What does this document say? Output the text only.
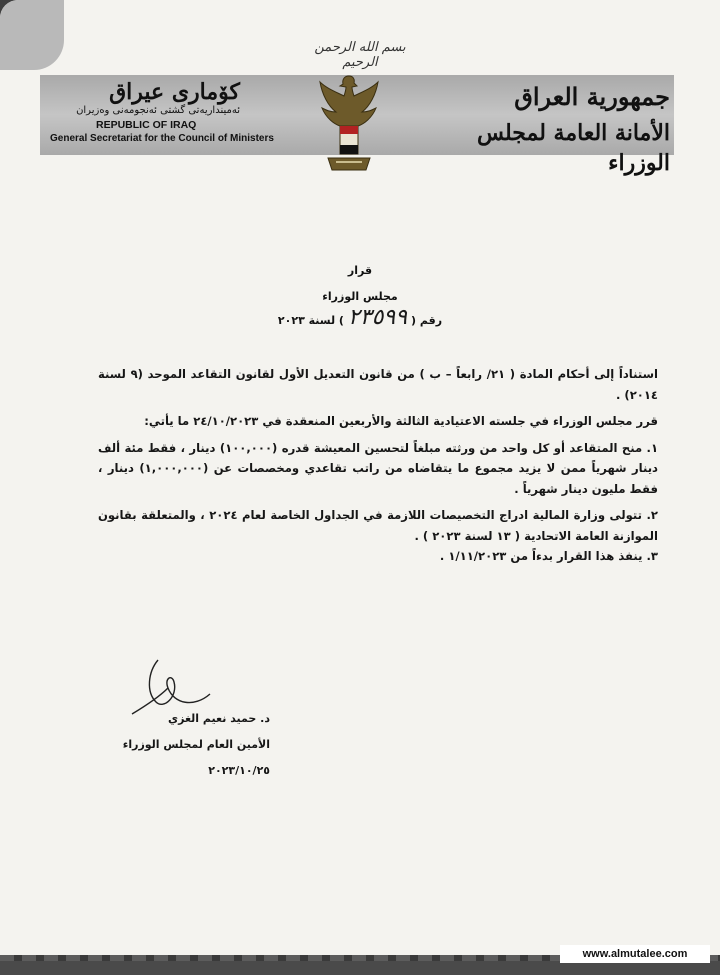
بسم الله الرحمن الرحيم
كۆماری عیراق
ئه‌مینداریه‌تی گشتی ئه‌نجومه‌نی وه‌زیران
REPUBLIC OF IRAQ
General Secretariat for the Council of Ministers
جمهورية العراق
الأمانة العامة لمجلس الوزراء
قرار
مجلس الوزراء
رقم (٢٣٥٩٩) لسنة ٢٠٢٣

استناداً إلى أحكام المادة ( ٢١/ رابعاً – ب ) من قانون التعديل الأول لقانون التقاعد الموحد (٩ لسنة ٢٠١٤) .

قرر مجلس الوزراء في جلسته الاعتيادية الثالثة والأربعين المنعقدة في ٢٤/١٠/٢٠٢٣ ما يأتي:

١. منح المتقاعد أو كل واحد من ورثته مبلغاً لتحسين المعيشة قدره (١٠٠,٠٠٠) دينار ، فقط مئة ألف دينار شهرياً ممن لا يزيد مجموع ما يتقاضاه من راتب تقاعدي ومخصصات عن (١,٠٠٠,٠٠٠) دينار ، فقط مليون دينار شهرياً .

٢. تتولى وزارة المالية ادراج التخصيصات اللازمة في الجداول الخاصة لعام ٢٠٢٤ ، والمتعلقة بقانون الموازنة العامة الاتحادية ( ١٣ لسنة ٢٠٢٣ ) .

٣. ينفذ هذا القرار بدءاً من ١/١١/٢٠٢٣ .

د. حميد نعيم الغزي
الأمين العام لمجلس الوزراء
٢٠٢٣/١٠/٢٥
www.almutalee.com
